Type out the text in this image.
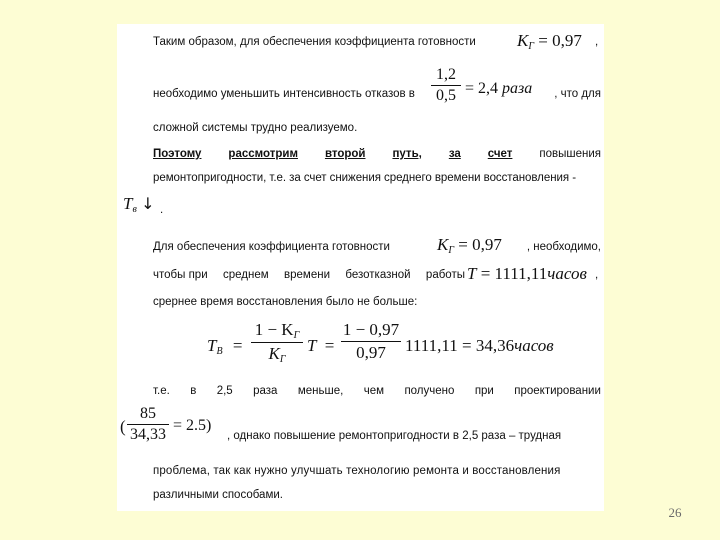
Таким образом, для обеспечения коэффициента готовности	$K_Г = 0,97$ ,
необходимо уменьшить интенсивность отказов в
1,2
0,5 = 2,4 раза	, что для
сложной системы трудно реализуемо.
Поэтому рассмотрим второй путь, за счет повышения
ремонтопригодности, т.е. за счет снижения среднего времени восстановления -
$T_в$ ↓ .
Для обеспечения коэффициента готовности	$K_Г = 0,97$	, необходимо,
чтобы при среднем времени безотказной работы T = 1111,11часов ,
срернее время восстановления было не больше:
$T_В$ =
$1 - K_Г$
$K_Г$
T =
1 − 0,97
0,97	1111,11 = 34,36часов
т.е. в 2,5 раза меньше, чем получено при проектировании
(
85
34,33
= 2.5)
, однако повышение ремонтопригодности в 2,5 раза – трудная
проблема, так как нужно улучшать технологию ремонта и восстановления
различными способами.
26
